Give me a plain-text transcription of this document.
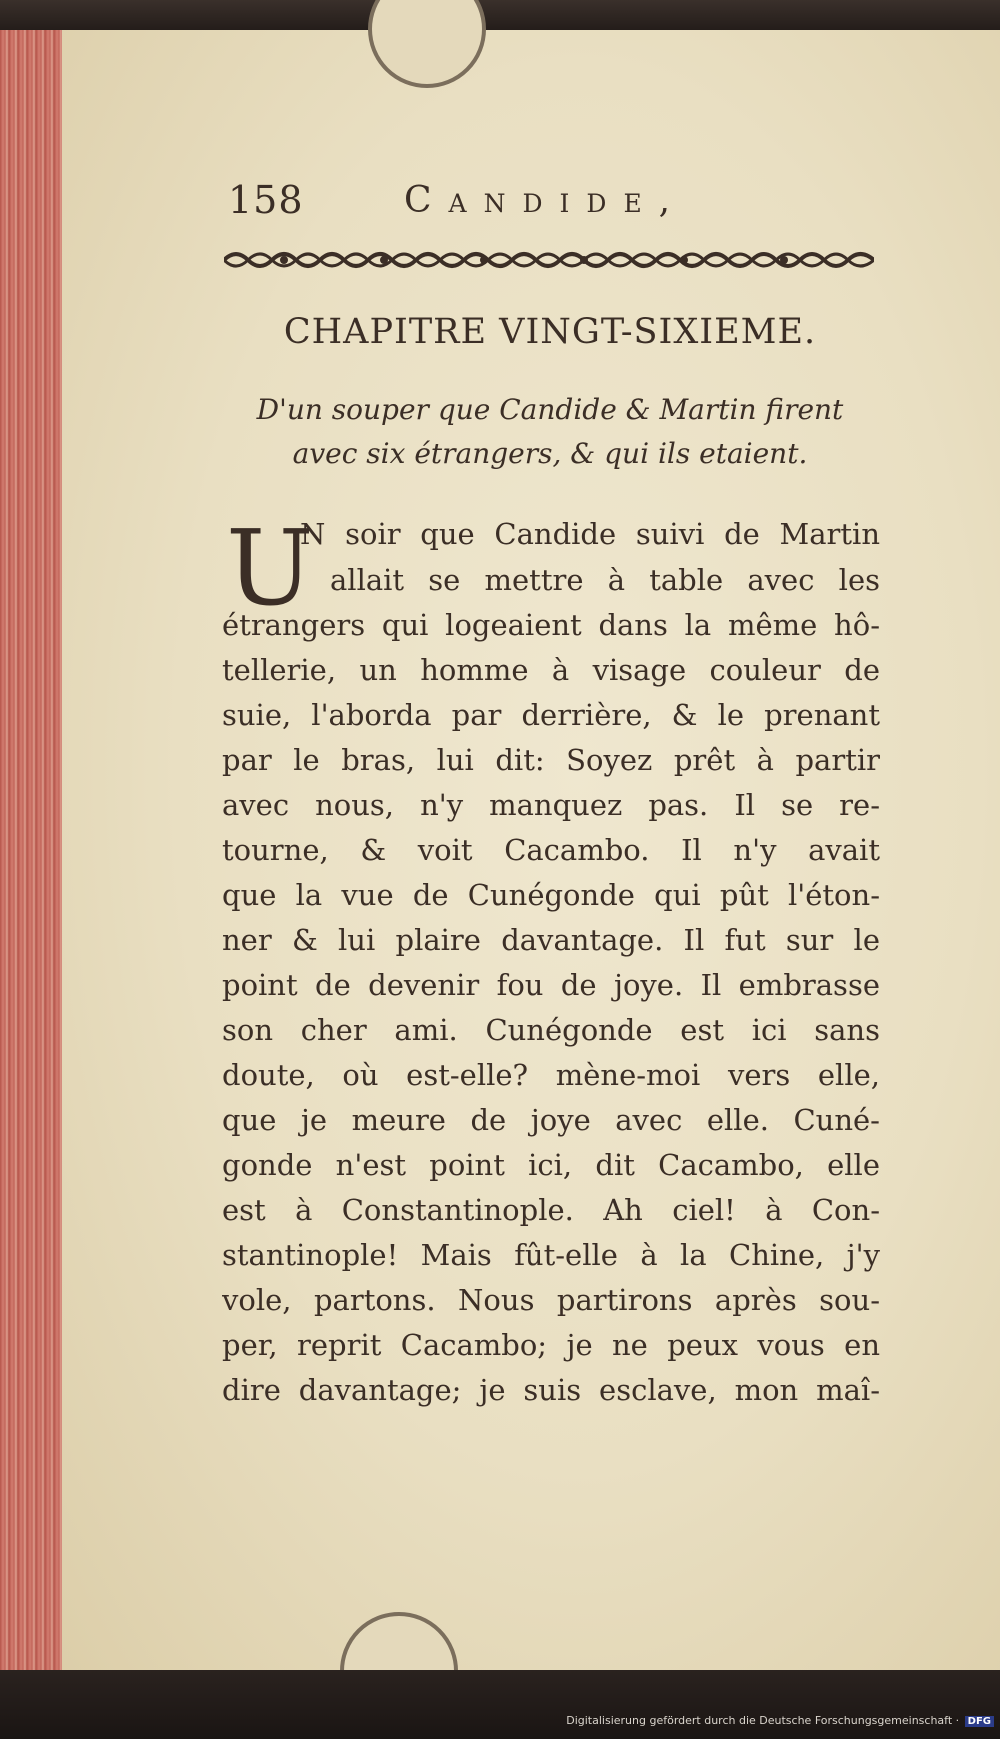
158	Candide,
CHAPITRE VINGT-SIXIEME.
D'un souper que Candide & Martin firent
avec six étrangers, & qui ils etaient.
U
N soir que Candide suivi de Martin
allait se mettre à table avec les
étrangers qui logeaient dans la même hô-
tellerie, un homme à visage couleur de
suie, l'aborda par derrière, & le prenant
par le bras, lui dit: Soyez prêt à partir
avec nous, n'y manquez pas. Il se re-
tourne, & voit Cacambo. Il n'y avait
que la vue de Cunégonde qui pût l'éton-
ner & lui plaire davantage. Il fut sur le
point de devenir fou de joye. Il embrasse
son cher ami. Cunégonde est ici sans
doute, où est-elle? mène-moi vers elle,
que je meure de joye avec elle. Cuné-
gonde n'est point ici, dit Cacambo, elle
est à Constantinople. Ah ciel! à Con-
stantinople! Mais fût-elle à la Chine, j'y
vole, partons. Nous partirons après sou-
per, reprit Cacambo; je ne peux vous en
dire davantage; je suis esclave, mon maî-
Digitalisierung gefördert durch die Deutsche Forschungsgemeinschaft · DFG
